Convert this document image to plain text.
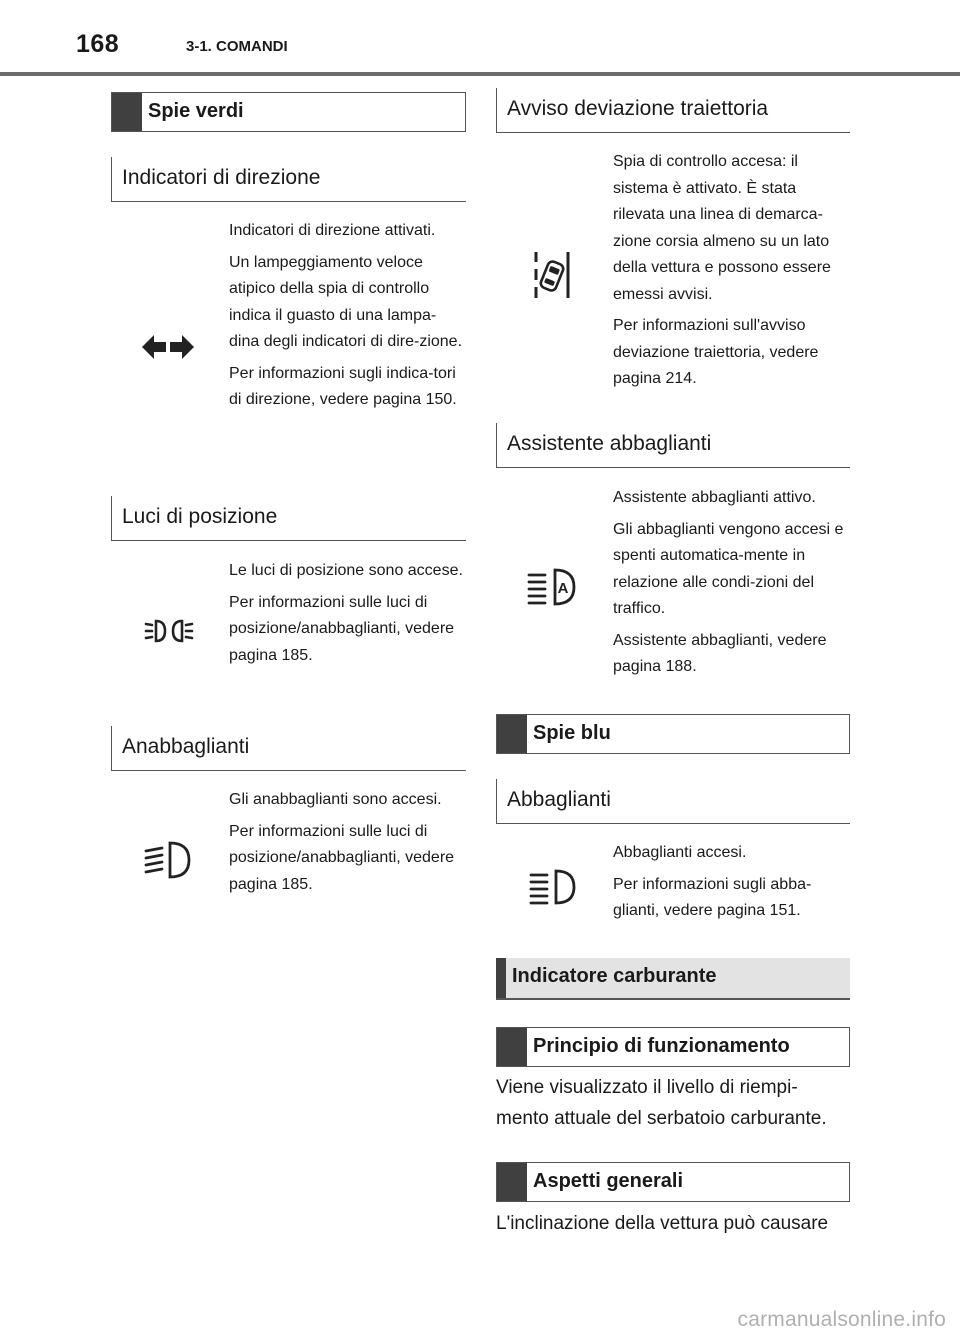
168	3-1. COMANDI
Spie verdi
Indicatori di direzione

Indicatori di direzione attivati.

Un lampeggiamento veloce atipico della spia di controllo indica il guasto di una lampa-dina degli indicatori di dire-zione.

Per informazioni sugli indica-tori di direzione, vedere pagina 150.

Luci di posizione

Le luci di posizione sono accese.

Per informazioni sulle luci di posizione/anabbaglianti, vedere pagina 185.

Anabbaglianti

Gli anabbaglianti sono accesi.

Per informazioni sulle luci di posizione/anabbaglianti, vedere pagina 185.

Avviso deviazione traiettoria

Spia di controllo accesa: il sistema è attivato. È stata rilevata una linea di demarca-zione corsia almeno su un lato della vettura e possono essere emessi avvisi.

Per informazioni sull'avviso deviazione traiettoria, vedere pagina 214.

Assistente abbaglianti
A

Assistente abbaglianti attivo.

Gli abbaglianti vengono accesi e spenti automatica-mente in relazione alle condi-zioni del traffico.

Assistente abbaglianti, vedere pagina 188.

Spie blu
Abbaglianti

Abbaglianti accesi.

Per informazioni sugli abba-glianti, vedere pagina 151.

Indicatore carburante
Principio di funzionamento
Viene visualizzato il livello di riempi-mento attuale del serbatoio carburante.
Aspetti generali
L'inclinazione della vettura può causare
carmanualsonline.info
